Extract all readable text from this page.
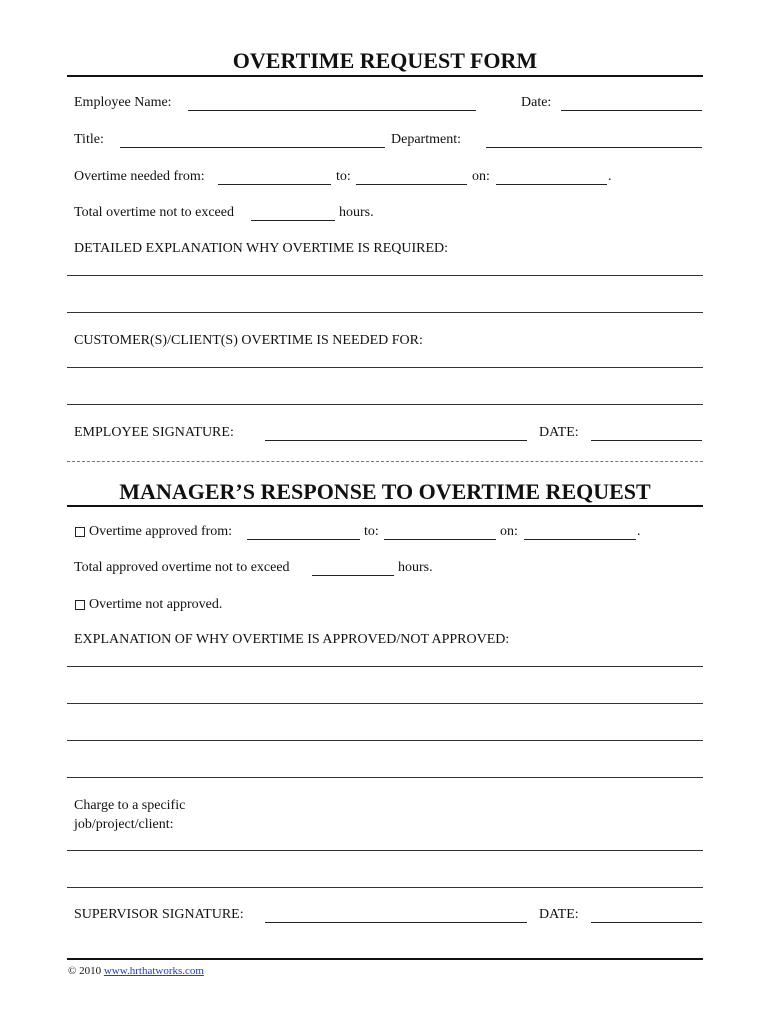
OVERTIME REQUEST FORM
Employee Name:	Date:
Title:	Department:
Overtime needed from:	to:	on:	.
Total overtime not to exceed	hours.
DETAILED EXPLANATION WHY OVERTIME IS REQUIRED:
CUSTOMER(S)/CLIENT(S) OVERTIME IS NEEDED FOR:
EMPLOYEE SIGNATURE:	DATE:
MANAGER’S RESPONSE TO OVERTIME REQUEST
Overtime approved from:	to:	on:	.
Total approved overtime not to exceed	hours.
Overtime not approved.
EXPLANATION OF WHY OVERTIME IS APPROVED/NOT APPROVED:
Charge to a specific
job/project/client:
SUPERVISOR SIGNATURE:	DATE:
© 2010 www.hrthatworks.com
